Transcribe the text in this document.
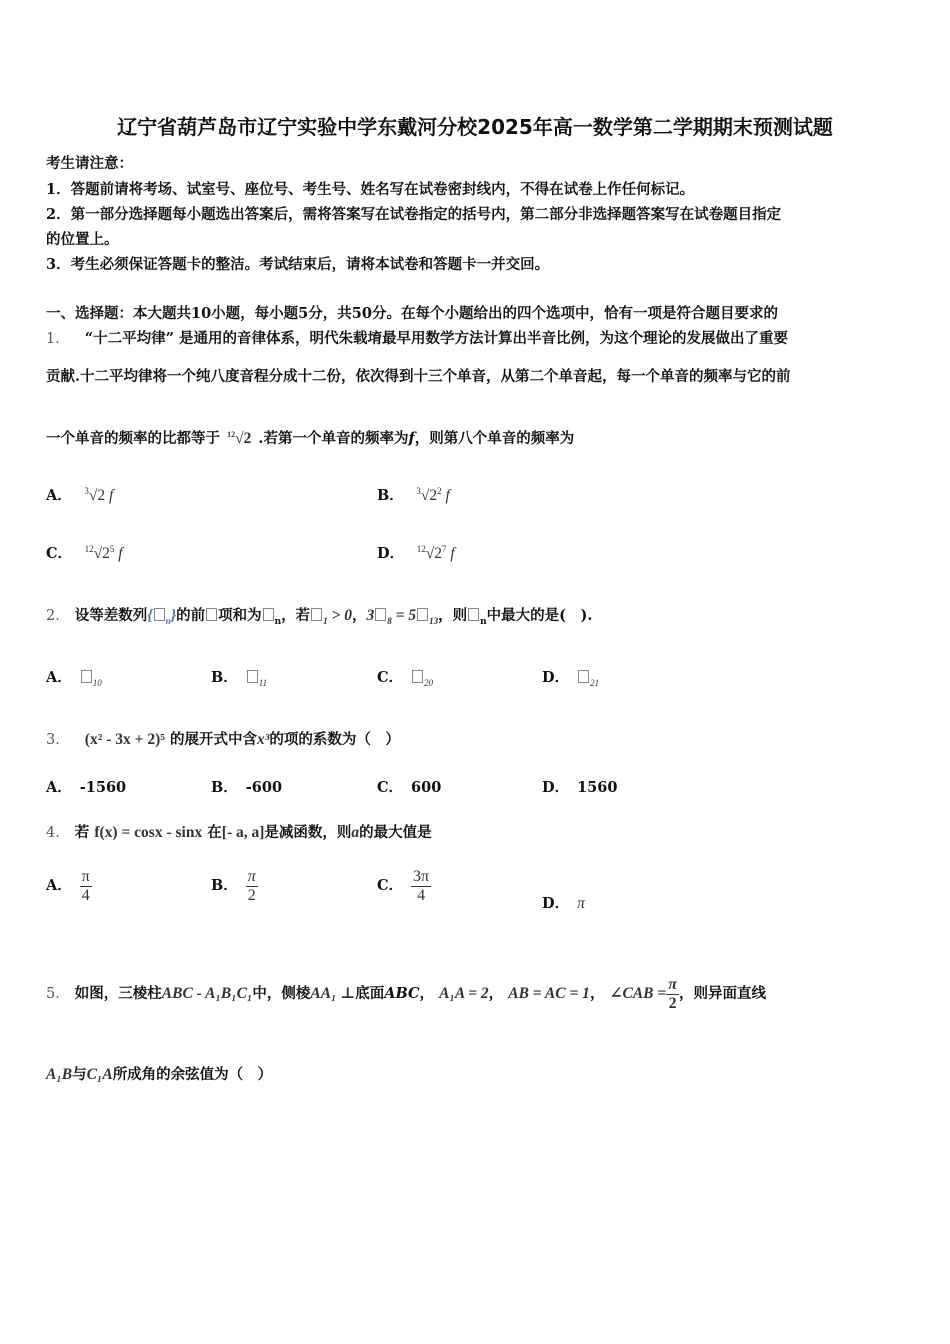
辽宁省葫芦岛市辽宁实验中学东戴河分校2025年高一数学第二学期期末预测试题
考生请注意：
1．答题前请将考场、试室号、座位号、考生号、姓名写在试卷密封线内，不得在试卷上作任何标记。
2．第一部分选择题每小题选出答案后，需将答案写在试卷指定的括号内，第二部分非选择题答案写在试卷题目指定
的位置上。
3．考生必须保证答题卡的整洁。考试结束后，请将本试卷和答题卡一并交回。
一、选择题：本大题共10小题，每小题5分，共50分。在每个小题给出的四个选项中，恰有一项是符合题目要求的
1． “十二平均律” 是通用的音律体系，明代朱载堉最早用数学方法计算出半音比例，为这个理论的发展做出了重要
贡献.十二平均律将一个纯八度音程分成十二份，依次得到十三个单音，从第二个单音起，每一个单音的频率与它的前
一个单音的频率的比都等于 $^{12}$√2 .若第一个单音的频率为f，则第八个单音的频率为
A． $^3$√2 f	B． $^3√2^2$ f
C． $^{12}√2^5$ f	D． $^{12}√2^7$ f
2． 设等差数列{ $_n$}的前 项和为 $_n$，若 $_1$ > 0，3 $_8$ = 5 $_{13}$，则 $_n$中最大的是(　).
A． $_{10}$	B． $_{11}$	C． $_{20}$	D． $_{21}$
3． (x² - 3x + 2)⁵ 的展开式中含x³的项的系数为（　）
A． -1560	B． -600	C． 600	D． 1560
4． 若 f(x) = cosx - sinx 在[- a, a]是减函数，则a的最大值是
A． $\frac{\pi}{4}$	B． $\frac{\pi}{2}$	C． $\frac{3\pi}{4}$	D． π
5． 如图，三棱柱ABC - A₁B₁C₁中，侧棱AA₁ ⊥底面ABC， A₁A = 2， AB = AC = 1， ∠CAB = $\frac{\pi}{2}$ ，则异面直线
A₁B与C₁A所成角的余弦值为（　）
